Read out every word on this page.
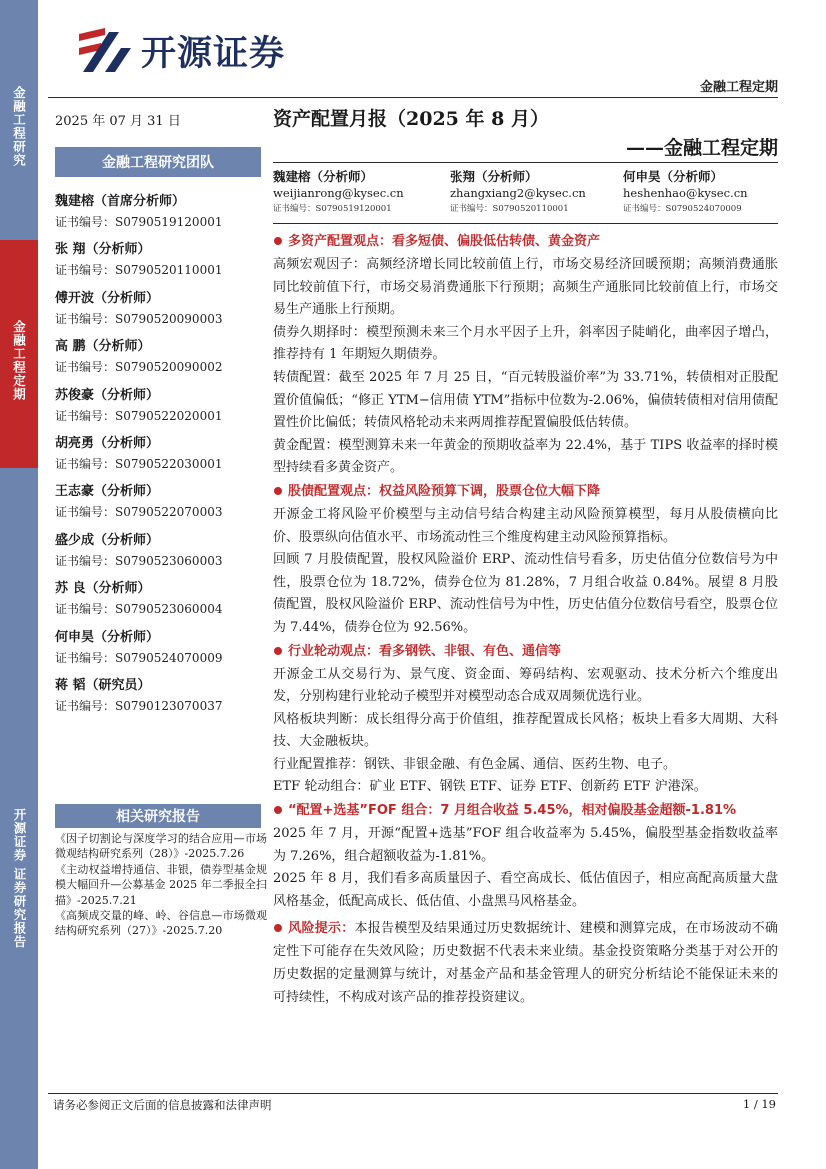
金融工程研究
金融工程定期
开源证券 证券研究报告
开源证券
金融工程定期
2025 年 07 月 31 日	资产配置月报（2025 年 8 月）
——金融工程定期
金融工程研究团队
魏建榕（首席分析师）
证书编号：S0790519120001
张 翔（分析师）
证书编号：S0790520110001
傅开波（分析师）
证书编号：S0790520090003
高 鹏（分析师）
证书编号：S0790520090002
苏俊豪（分析师）
证书编号：S0790522020001
胡亮勇（分析师）
证书编号：S0790522030001
王志豪（分析师）
证书编号：S0790522070003
盛少成（分析师）
证书编号：S0790523060003
苏 良（分析师）
证书编号：S0790523060004
何申昊（分析师）
证书编号：S0790524070009
蒋 韬（研究员）
证书编号：S0790123070037
相关研究报告
《因子切割论与深度学习的结合应用—市场微观结构研究系列（28）》-2025.7.26
《主动权益增持通信、非银，债券型基金规模大幅回升—公募基金 2025 年二季报全扫描》-2025.7.21
《高频成交量的峰、岭、谷信息—市场微观结构研究系列（27）》-2025.7.20
魏建榕（分析师）
weijianrong@kysec.cn
证书编号：S0790519120001
张翔（分析师）
zhangxiang2@kysec.cn
证书编号：S0790520110001
何申昊（分析师）
heshenhao@kysec.cn
证书编号：S0790524070009
多资产配置观点：看多短债、偏股低估转债、黄金资产
高频宏观因子：高频经济增长同比较前值上行，市场交易经济回暖预期；高频消费通胀同比较前值下行，市场交易消费通胀下行预期；高频生产通胀同比较前值上行，市场交易生产通胀上行预期。
债券久期择时：模型预测未来三个月水平因子上升，斜率因子陡峭化，曲率因子增凸，推荐持有 1 年期短久期债券。
转债配置：截至 2025 年 7 月 25 日，“百元转股溢价率”为 33.71%，转债相对正股配置价值偏低；“修正 YTM−信用债 YTM”指标中位数为-2.06%，偏债转债相对信用债配置性价比偏低；转债风格轮动未来两周推荐配置偏股低估转债。
黄金配置：模型测算未来一年黄金的预期收益率为 22.4%，基于 TIPS 收益率的择时模型持续看多黄金资产。
股债配置观点：权益风险预算下调，股票仓位大幅下降
开源金工将风险平价模型与主动信号结合构建主动风险预算模型，每月从股债横向比价、股票纵向估值水平、市场流动性三个维度构建主动风险预算指标。
回顾 7 月股债配置，股权风险溢价 ERP、流动性信号看多，历史估值分位数信号为中性，股票仓位为 18.72%，债券仓位为 81.28%，7 月组合收益 0.84%。展望 8 月股债配置，股权风险溢价 ERP、流动性信号为中性，历史估值分位数信号看空，股票仓位为 7.44%，债券仓位为 92.56%。
行业轮动观点：看多钢铁、非银、有色、通信等
开源金工从交易行为、景气度、资金面、筹码结构、宏观驱动、技术分析六个维度出发，分别构建行业轮动子模型并对模型动态合成双周频优选行业。
风格板块判断：成长组得分高于价值组，推荐配置成长风格；板块上看多大周期、大科技、大金融板块。
行业配置推荐：钢铁、非银金融、有色金属、通信、医药生物、电子。
ETF 轮动组合：矿业 ETF、钢铁 ETF、证券 ETF、创新药 ETF 沪港深。
“配置+选基”FOF 组合：7 月组合收益 5.45%，相对偏股基金超额-1.81%
2025 年 7 月，开源“配置+选基”FOF 组合收益率为 5.45%，偏股型基金指数收益率为 7.26%，组合超额收益为-1.81%。
2025 年 8 月，我们看多高质量因子、看空高成长、低估值因子，相应高配高质量大盘风格基金，低配高成长、低估值、小盘黑马风格基金。
风险提示：本报告模型及结果通过历史数据统计、建模和测算完成，在市场波动不确定性下可能存在失效风险；历史数据不代表未来业绩。基金投资策略分类基于对公开的历史数据的定量测算与统计，对基金产品和基金管理人的研究分析结论不能保证未来的可持续性，不构成对该产品的推荐投资建议。
请务必参阅正文后面的信息披露和法律声明	1 / 19
